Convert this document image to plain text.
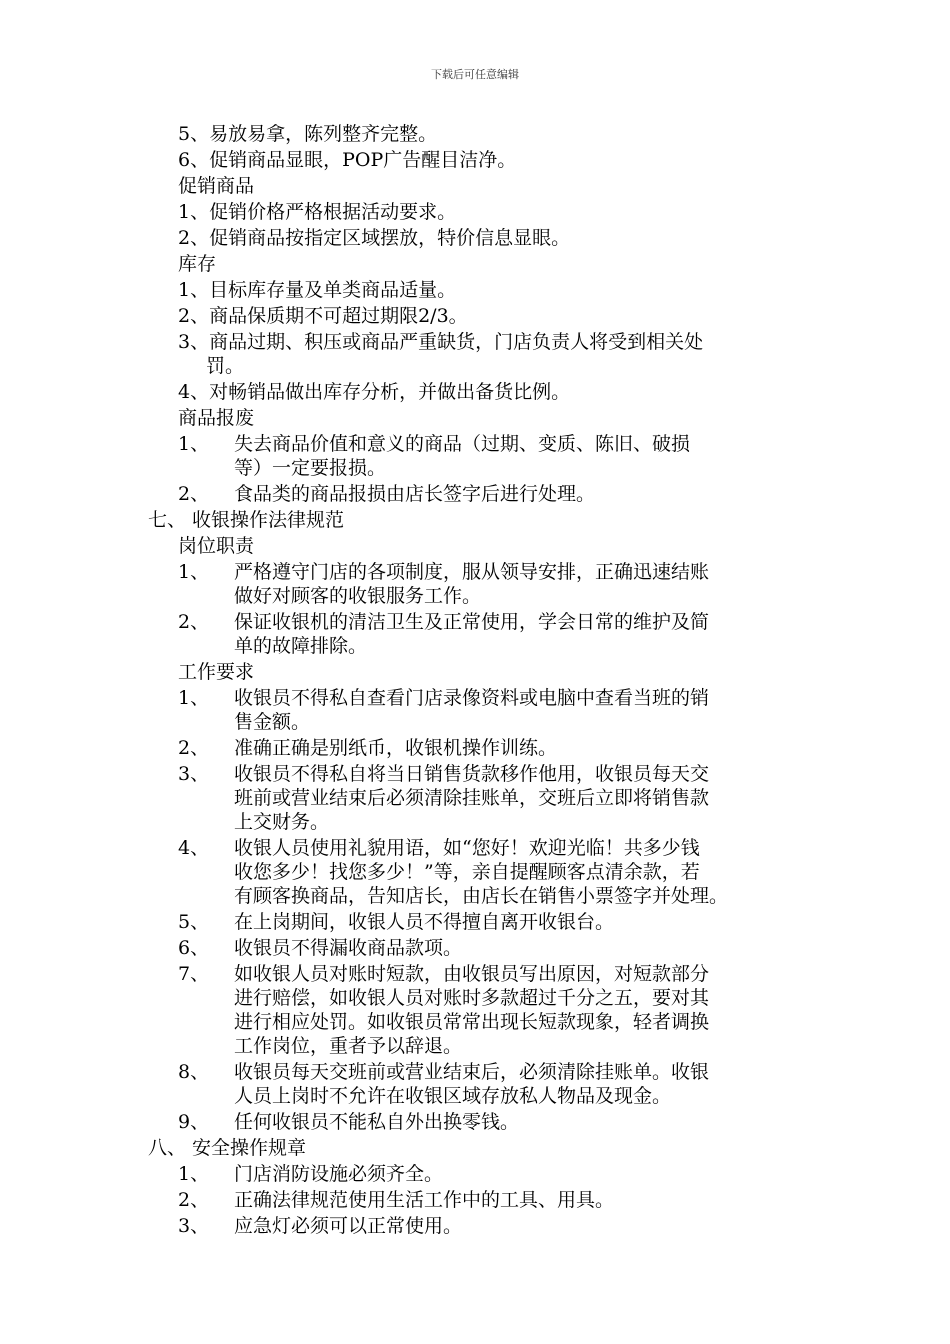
下载后可任意编辑
5、易放易拿，陈列整齐完整。
6、促销商品显眼，POP广告醒目洁净。
促销商品
1、促销价格严格根据活动要求。
2、促销商品按指定区域摆放，特价信息显眼。
库存
1、目标库存量及单类商品适量。
2、商品保质期不可超过期限2/3。
3、商品过期、积压或商品严重缺货，门店负责人将受到相关处
罚。
4、对畅销品做出库存分析，并做出备货比例。
商品报废
1、 失去商品价值和意义的商品（过期、变质、陈旧、破损
等）一定要报损。
2、 食品类的商品报损由店长签字后进行处理。
七、 收银操作法律规范
岗位职责
1、 严格遵守门店的各项制度，服从领导安排，正确迅速结账
做好对顾客的收银服务工作。
2、 保证收银机的清洁卫生及正常使用，学会日常的维护及简
单的故障排除。
工作要求
1、 收银员不得私自查看门店录像资料或电脑中查看当班的销
售金额。
2、 准确正确是别纸币，收银机操作训练。
3、 收银员不得私自将当日销售货款移作他用，收银员每天交
班前或营业结束后必须清除挂账单，交班后立即将销售款
上交财务。
4、 收银人员使用礼貌用语，如“您好！欢迎光临！共多少钱
收您多少！找您多少！”等，亲自提醒顾客点清余款，若
有顾客换商品，告知店长，由店长在销售小票签字并处理。
5、 在上岗期间，收银人员不得擅自离开收银台。
6、 收银员不得漏收商品款项。
7、 如收银人员对账时短款，由收银员写出原因，对短款部分
进行赔偿，如收银人员对账时多款超过千分之五，要对其
进行相应处罚。如收银员常常出现长短款现象，轻者调换
工作岗位，重者予以辞退。
8、 收银员每天交班前或营业结束后，必须清除挂账单。收银
人员上岗时不允许在收银区域存放私人物品及现金。
9、 任何收银员不能私自外出换零钱。
八、 安全操作规章
1、 门店消防设施必须齐全。
2、 正确法律规范使用生活工作中的工具、用具。
3、 应急灯必须可以正常使用。
